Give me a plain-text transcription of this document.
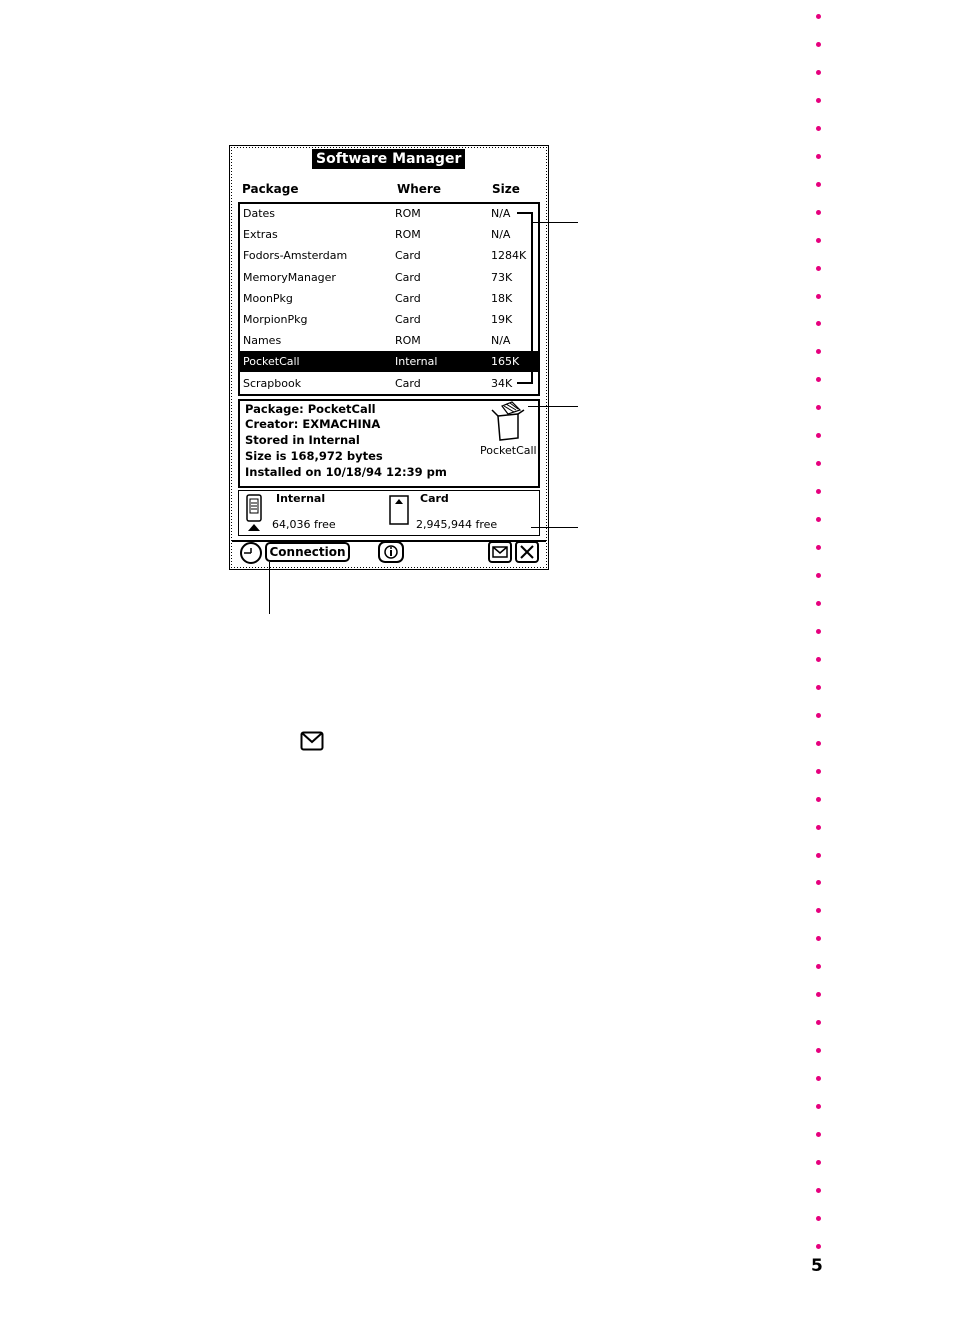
Software Manager
Package	Where	Size
Dates	ROM	N/A
Extras	ROM	N/A
Fodors-Amsterdam	Card	1284K
MemoryManager	Card	73K
MoonPkg	Card	18K
MorpionPkg	Card	19K
Names	ROM	N/A
PocketCall	Internal	165K
Scrapbook	Card	34K
Package: PocketCall
Creator: EXMACHINA
Stored in Internal
Size is 168,972 bytes
Installed on 10/18/94 12:39 pm
PocketCall
Internal
64,036 free
Card
2,945,944 free
Connection
5
